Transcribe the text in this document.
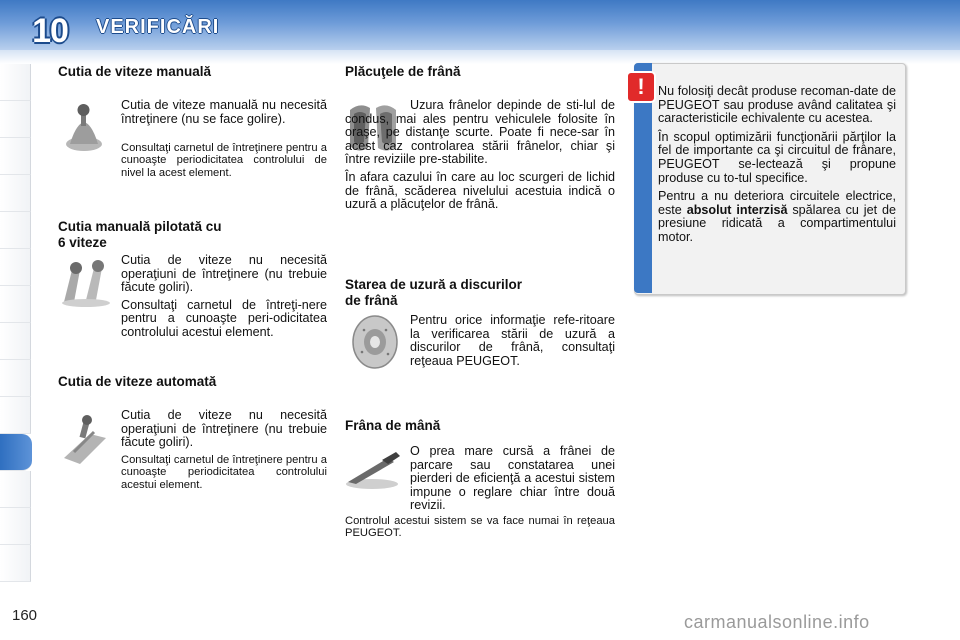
10	VERIFICĂRI
Cutia de viteze manuală
Cutia de viteze manuală nu necesită întreţinere (nu se face golire).
Consultaţi carnetul de întreţinere pentru a cunoaşte periodicitatea controlului de nivel la acest element.
Cutia manuală pilotată cu
6 viteze

Cutia de viteze nu necesită operaţiuni de întreţinere (nu trebuie făcute goliri).

Consultaţi carnetul de întreţi-nere pentru a cunoaşte peri-odicitatea controlului acestui element.

Cutia de viteze automată
Cutia de viteze nu necesită operaţiuni de întreţinere (nu trebuie făcute goliri).
Consultaţi carnetul de întreţinere pentru a cunoaşte periodicitatea controlului acestui element.
Plăcuţele de frână

Uzura frânelor depinde de sti-lul de condus, mai ales pentru vehiculele folosite în oraşe, pe distanţe scurte. Poate fi nece-sar în acest caz controlarea stării frânelor, chiar şi între reviziile pre-stabilite.

În afara cazului în care au loc scurgeri de lichid de frână, scăderea nivelului acestuia indică o uzură a plăcuţelor de frână.

Starea de uzură a discurilor
de frână
Pentru orice informaţie refe-ritoare la verificarea stării de uzură a discurilor de frână, consultaţi reţeaua PEUGEOT.
Frâna de mână
O prea mare cursă a frânei de parcare sau constatarea unei pierderi de eficienţă a acestui sistem impune o reglare chiar între două revizii.
Controlul acestui sistem se va face numai în reţeaua PEUGEOT.
!	Nu folosiţi decât produse recoman-date de PEUGEOT sau produse având calitatea şi caracteristicile echivalente cu acestea.

În scopul optimizării funcţionării părţilor la fel de importante ca şi circuitul de frânare, PEUGEOT se-lectează şi propune produse cu to-tul specifice.

Pentru a nu deteriora circuitele electrice, este absolut interzisă spălarea cu jet de presiune ridicată a compartimentului motor.

160	carmanualsonline.info
